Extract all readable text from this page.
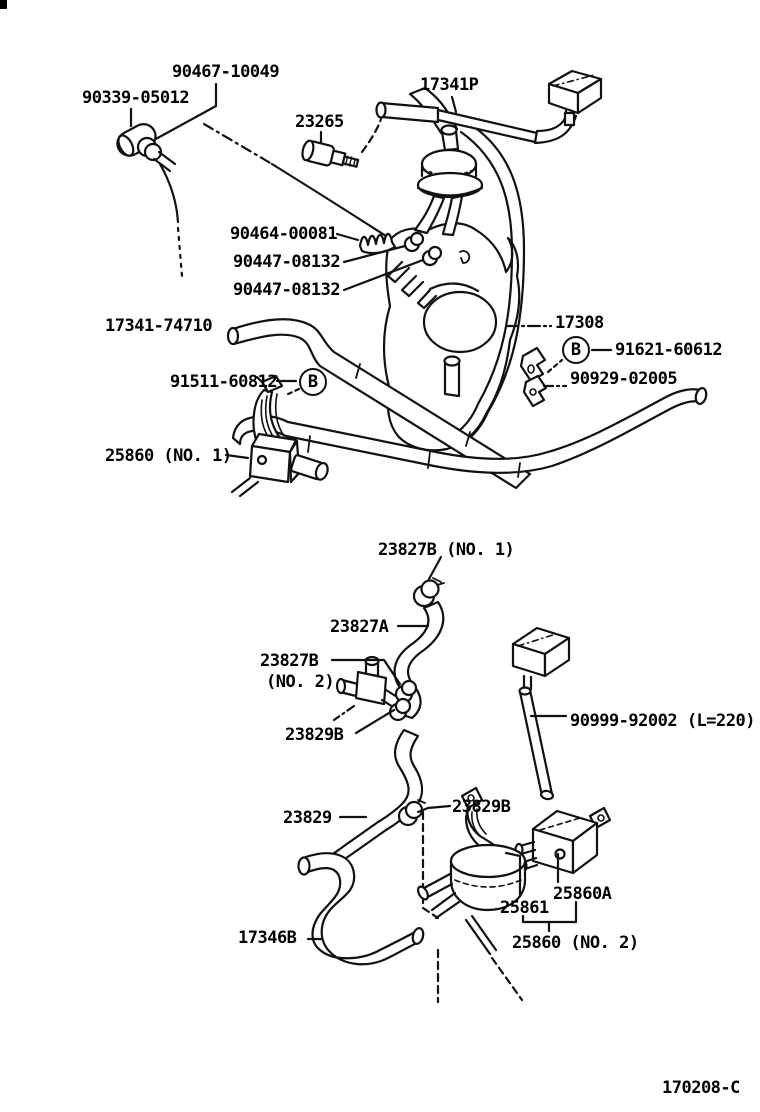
90467-10049
90339-05012
23265
17341P
90464-00081
90447-08132
90447-08132
17341-74710	17308
91621-60612
90929-02005
91511-60812
25860 (NO. 1)
23827B (NO. 1)
23827A
23827B
(NO. 2)
23829B
90999-92002 (L=220)
23829
23829B
25861
25860A
25860 (NO. 2)
17346B
B
B
170208-C
